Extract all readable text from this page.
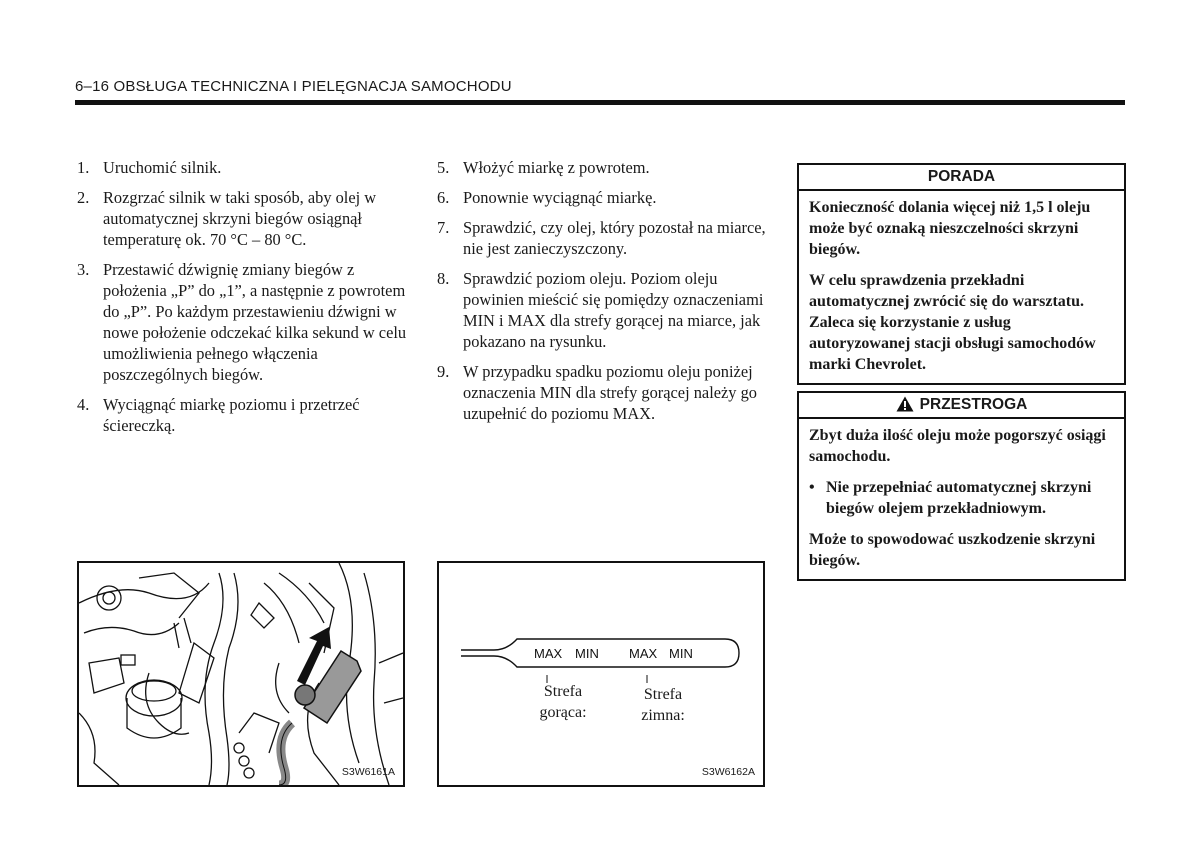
6–16 OBSŁUGA TECHNICZNA I PIELĘGNACJA SAMOCHODU
1. Uruchomić silnik.
2. Rozgrzać silnik w taki sposób, aby olej w automatycznej skrzyni biegów osiągnął temperaturę ok. 70 °C – 80 °C.
3. Przestawić dźwignię zmiany biegów z położenia „P” do „1”, a następnie z powrotem do „P”. Po każdym przestawieniu dźwigni w nowe położenie odczekać kilka sekund w celu umożliwienia pełnego włączenia poszczególnych biegów.
4. Wyciągnąć miarkę poziomu i przetrzeć ściereczką.
5. Włożyć miarkę z powrotem.
6. Ponownie wyciągnąć miarkę.
7. Sprawdzić, czy olej, który pozostał na miarce, nie jest zanieczyszczony.
8. Sprawdzić poziom oleju. Poziom oleju powinien mieścić się pomiędzy oznaczeniami MIN i MAX dla strefy gorącej na miarce, jak pokazano na rysunku.
9. W przypadku spadku poziomu oleju poniżej oznaczenia MIN dla strefy gorącej należy go uzupełnić do poziomu MAX.
PORADA

Konieczność dolania więcej niż 1,5 l oleju może być oznaką nieszczelności skrzyni biegów.

W celu sprawdzenia przekładni automatycznej zwrócić się do warsztatu. Zaleca się korzystanie z usług autoryzowanej stacji obsługi samochodów marki Chevrolet.

PRZESTROGA

Zbyt duża ilość oleju może pogorszyć osiągi samochodu.

• Nie przepełniać automatycznej skrzyni biegów olejem przekładniowym.

Może to spowodować uszkodzenie skrzyni biegów.

S3W6161A
MAX MIN MAX MIN
Strefa
gorąca:
Strefa
zimna:
S3W6162A
